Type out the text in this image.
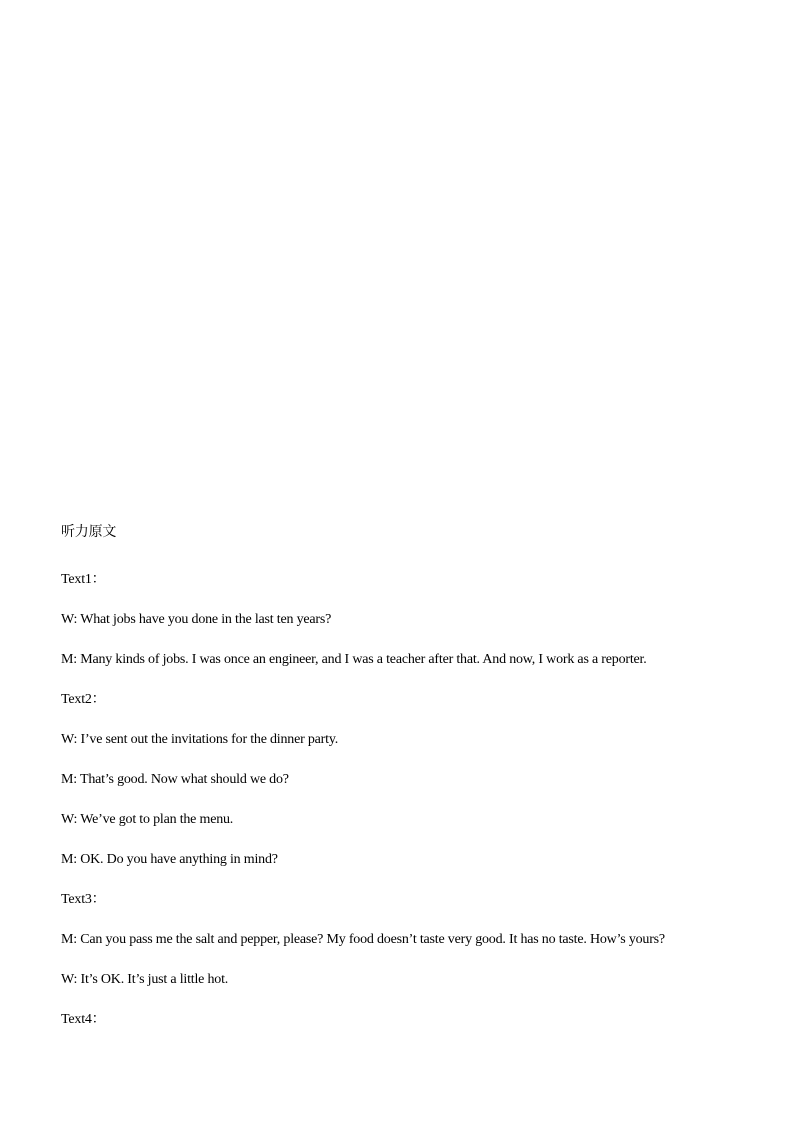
听力原文
Text1：
W: What jobs have you done in the last ten years?
M: Many kinds of jobs. I was once an engineer, and I was a teacher after that. And now, I work as a reporter.
Text2：
W: I’ve sent out the invitations for the dinner party.
M: That’s good. Now what should we do?
W: We’ve got to plan the menu.
M: OK. Do you have anything in mind?
Text3：
M: Can you pass me the salt and pepper, please? My food doesn’t taste very good. It has no taste. How’s yours?
W: It’s OK. It’s just a little hot.
Text4：
